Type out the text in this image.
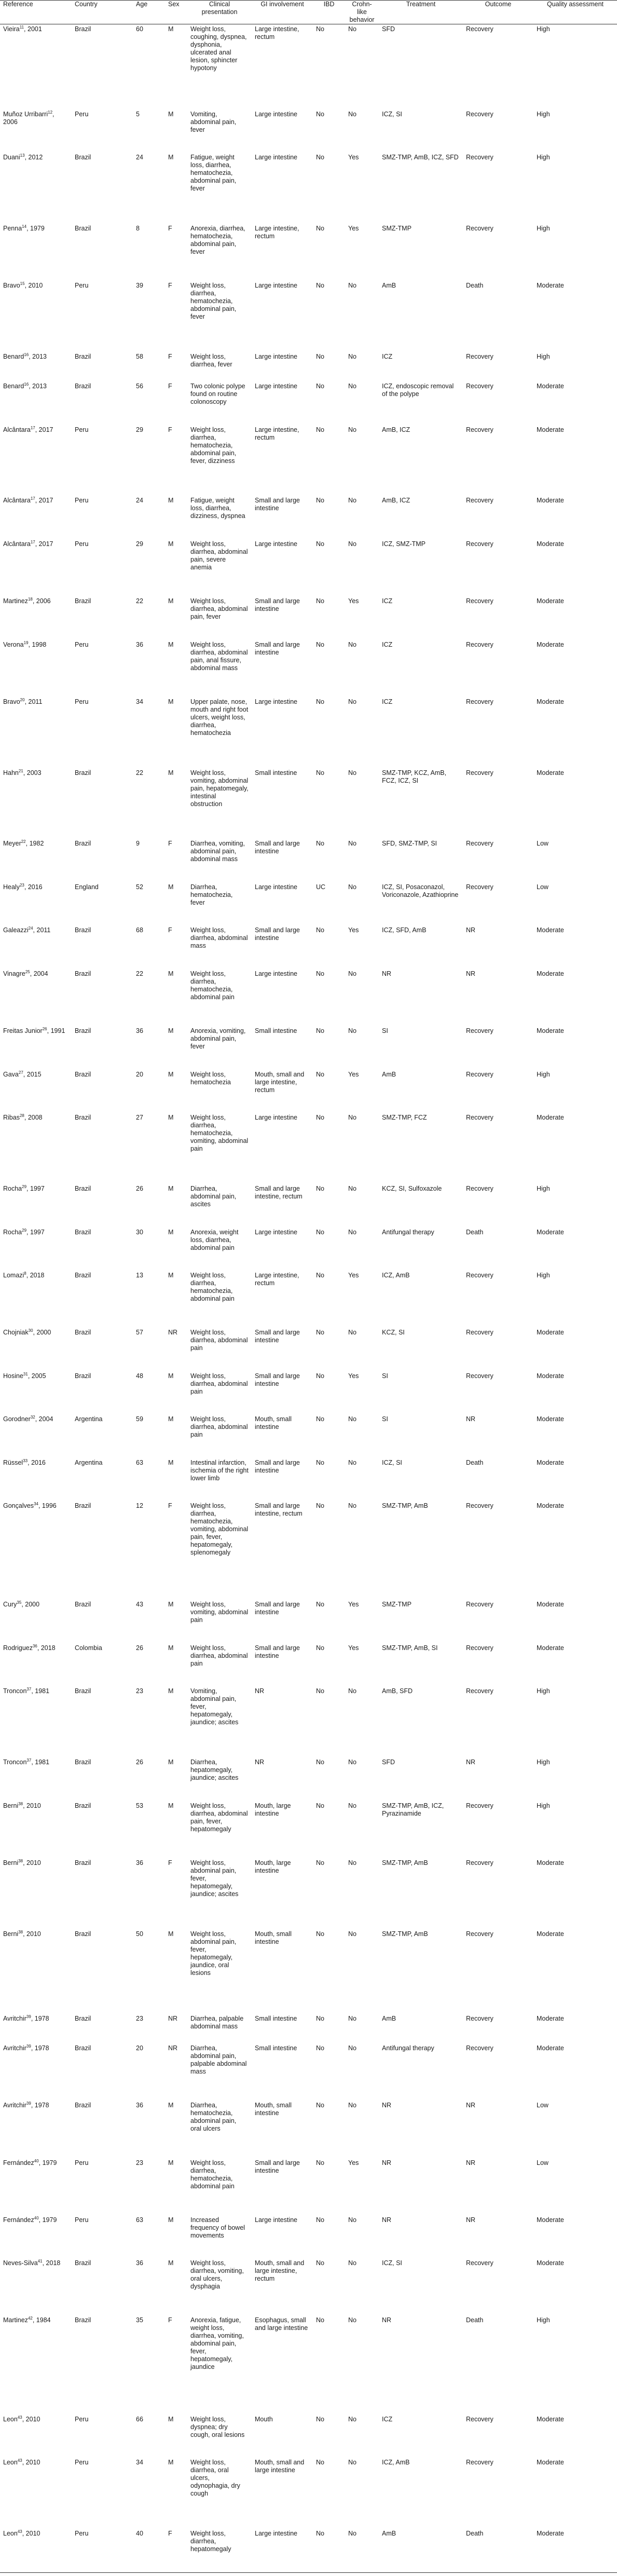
Reference	Country	Age	Sex	Clinical presentation	GI involvement	IBD	Crohn-like behavior	Treatment	Outcome	Quality assessment
Vieira$^{11}$, 2001	Brazil	60	M	Weight loss, coughing, dyspnea, dysphonia, ulcerated anal lesion, sphincter hypotony	Large intestine, rectum	No	No	SFD	Recovery	High
Muñoz Urribarri$^{12}$, 2006	Peru	5	M	Vomiting, abdominal pain, fever	Large intestine	No	No	ICZ, SI	Recovery	High
Duani$^{13}$, 2012	Brazil	24	M	Fatigue, weight loss, diarrhea, hematochezia, abdominal pain, fever	Large intestine	No	Yes	SMZ-TMP, AmB, ICZ, SFD	Recovery	High
Penna$^{14}$, 1979	Brazil	8	F	Anorexia, diarrhea, hematochezia, abdominal pain, fever	Large intestine, rectum	No	Yes	SMZ-TMP	Recovery	High
Bravo$^{15}$, 2010	Peru	39	F	Weight loss, diarrhea, hematochezia, abdominal pain, fever	Large intestine	No	No	AmB	Death	Moderate
Benard$^{16}$, 2013	Brazil	58	F	Weight loss, diarrhea, fever	Large intestine	No	No	ICZ	Recovery	High
Benard$^{16}$, 2013	Brazil	56	F	Two colonic polype found on routine colonoscopy	Large intestine	No	No	ICZ, endoscopic removal of the polype	Recovery	Moderate
Alcântara$^{17}$, 2017	Peru	29	F	Weight loss, diarrhea, hematochezia, abdominal pain, fever, dizziness	Large intestine, rectum	No	No	AmB, ICZ	Recovery	Moderate
Alcântara$^{17}$, 2017	Peru	24	M	Fatigue, weight loss, diarrhea, dizziness, dyspnea	Small and large intestine	No	No	AmB, ICZ	Recovery	Moderate
Alcântara$^{17}$, 2017	Peru	29	M	Weight loss, diarrhea, abdominal pain, severe anemia	Large intestine	No	No	ICZ, SMZ-TMP	Recovery	Moderate
Martinez$^{18}$, 2006	Brazil	22	M	Weight loss, diarrhea, abdominal pain, fever	Small and large intestine	No	Yes	ICZ	Recovery	Moderate
Verona$^{19}$, 1998	Peru	36	M	Weight loss, diarrhea, abdominal pain, anal fissure, abdominal mass	Small and large intestine	No	No	ICZ	Recovery	Moderate
Bravo$^{20}$, 2011	Peru	34	M	Upper palate, nose, mouth and right foot ulcers, weight loss, diarrhea, hematochezia	Large intestine	No	No	ICZ	Recovery	Moderate
Hahn$^{21}$, 2003	Brazil	22	M	Weight loss, vomiting, abdominal pain, hepatomegaly, intestinal obstruction	Small intestine	No	No	SMZ-TMP, KCZ, AmB, FCZ, ICZ, SI	Recovery	Moderate
Meyer$^{22}$, 1982	Brazil	9	F	Diarrhea, vomiting, abdominal pain, abdominal mass	Small and large intestine	No	No	SFD, SMZ-TMP, SI	Recovery	Low
Healy$^{23}$, 2016	England	52	M	Diarrhea, hematochezia, fever	Large intestine	UC	No	ICZ, SI, Posaconazol, Voriconazole, Azathioprine	Recovery	Low
Galeazzi$^{24}$, 2011	Brazil	68	F	Weight loss, diarrhea, abdominal mass	Small and large intestine	No	Yes	ICZ, SFD, AmB	NR	Moderate
Vinagre$^{25}$, 2004	Brazil	22	M	Weight loss, diarrhea, hematochezia, abdominal pain	Large intestine	No	No	NR	NR	Moderate
Freitas Junior$^{26}$, 1991	Brazil	36	M	Anorexia, vomiting, abdominal pain, fever	Small intestine	No	No	SI	Recovery	Moderate
Gava$^{27}$, 2015	Brazil	20	M	Weight loss, hematochezia	Mouth, small and large intestine, rectum	No	Yes	AmB	Recovery	High
Ribas$^{28}$, 2008	Brazil	27	M	Weight loss, diarrhea, hematochezia, vomiting, abdominal pain	Large intestine	No	No	SMZ-TMP, FCZ	Recovery	Moderate
Rocha$^{29}$, 1997	Brazil	26	M	Diarrhea, abdominal pain, ascites	Small and large intestine, rectum	No	No	KCZ, SI, Sulfoxazole	Recovery	High
Rocha$^{29}$, 1997	Brazil	30	M	Anorexia, weight loss, diarrhea, abdominal pain	Large intestine	No	No	Antifungal therapy	Death	Moderate
Lomazi$^8$, 2018	Brazil	13	M	Weight loss, diarrhea, hematochezia, abdominal pain	Large intestine, rectum	No	Yes	ICZ, AmB	Recovery	High
Chojniak$^{30}$, 2000	Brazil	57	NR	Weight loss, diarrhea, abdominal pain	Small and large intestine	No	No	KCZ, SI	Recovery	Moderate
Hosine$^{31}$, 2005	Brazil	48	M	Weight loss, diarrhea, abdominal pain	Small and large intestine	No	Yes	SI	Recovery	Moderate
Gorodner$^{32}$, 2004	Argentina	59	M	Weight loss, diarrhea, abdominal pain	Mouth, small intestine	No	No	SI	NR	Moderate
Rüssel$^{33}$, 2016	Argentina	63	M	Intestinal infarction, ischemia of the right lower limb	Small and large intestine	No	No	ICZ, SI	Death	Moderate
Gonçalves$^{34}$, 1996	Brazil	12	F	Weight loss, diarrhea, hematochezia, vomiting, abdominal pain, fever, hepatomegaly, splenomegaly	Small and large intestine, rectum	No	No	SMZ-TMP, AmB	Recovery	Moderate
Cury$^{35}$, 2000	Brazil	43	M	Weight loss, vomiting, abdominal pain	Small and large intestine	No	Yes	SMZ-TMP	Recovery	Moderate
Rodriguez$^{36}$, 2018	Colombia	26	M	Weight loss, diarrhea, abdominal pain	Small and large intestine	No	Yes	SMZ-TMP, AmB, SI	Recovery	Moderate
Troncon$^{37}$, 1981	Brazil	23	M	Vomiting, abdominal pain, fever, hepatomegaly, jaundice; ascites	NR	No	No	AmB, SFD	Recovery	High
Troncon$^{37}$, 1981	Brazil	26	M	Diarrhea, hepatomegaly, jaundice; ascites	NR	No	No	SFD	NR	High
Berni$^{38}$, 2010	Brazil	53	M	Weight loss, diarrhea, abdominal pain, fever, hepatomegaly	Mouth, large intestine	No	No	SMZ-TMP, AmB, ICZ, Pyrazinamide	Recovery	High
Berni$^{38}$, 2010	Brazil	36	F	Weight loss, abdominal pain, fever, hepatomegaly, jaundice; ascites	Mouth, large intestine	No	No	SMZ-TMP, AmB	Recovery	Moderate
Berni$^{38}$, 2010	Brazil	50	M	Weight loss, abdominal pain, fever, hepatomegaly, jaundice, oral lesions	Mouth, small intestine	No	No	SMZ-TMP, AmB	Recovery	Moderate
Avritchir$^{39}$, 1978	Brazil	23	NR	Diarrhea, palpable abdominal mass	Small intestine	No	No	AmB	Recovery	Moderate
Avritchir$^{39}$, 1978	Brazil	20	NR	Diarrhea, abdominal pain, palpable abdominal mass	Small intestine	No	No	Antifungal therapy	Recovery	Moderate
Avritchir$^{39}$, 1978	Brazil	36	M	Diarrhea, hematochezia, abdominal pain, oral ulcers	Mouth, small intestine	No	No	NR	NR	Low
Fernández$^{40}$, 1979	Peru	23	M	Weight loss, diarrhea, hematochezia, abdominal pain	Small and large intestine	No	Yes	NR	NR	Low
Fernández$^{40}$, 1979	Peru	63	M	Increased frequency of bowel movements	Large intestine	No	No	NR	NR	Moderate
Neves-Silva$^{41}$, 2018	Brazil	36	M	Weight loss, diarrhea, vomiting, oral ulcers, dysphagia	Mouth, small and large intestine, rectum	No	No	ICZ, SI	Recovery	Moderate
Martinez$^{42}$, 1984	Brazil	35	F	Anorexia, fatigue, weight loss, diarrhea, vomiting, abdominal pain, fever, hepatomegaly, jaundice	Esophagus, small and large intestine	No	No	NR	Death	High
Leon$^{43}$, 2010	Peru	66	M	Weight loss, dyspnea; dry cough, oral lesions	Mouth	No	No	ICZ	Recovery	Moderate
Leon$^{43}$, 2010	Peru	34	M	Weight loss, diarrhea, oral ulcers, odynophagia, dry cough	Mouth, small and large intestine	No	No	ICZ, AmB	Recovery	Moderate
Leon$^{43}$, 2010	Peru	40	F	Weight loss, diarrhea, hepatomegaly	Large intestine	No	No	AmB	Death	Moderate
